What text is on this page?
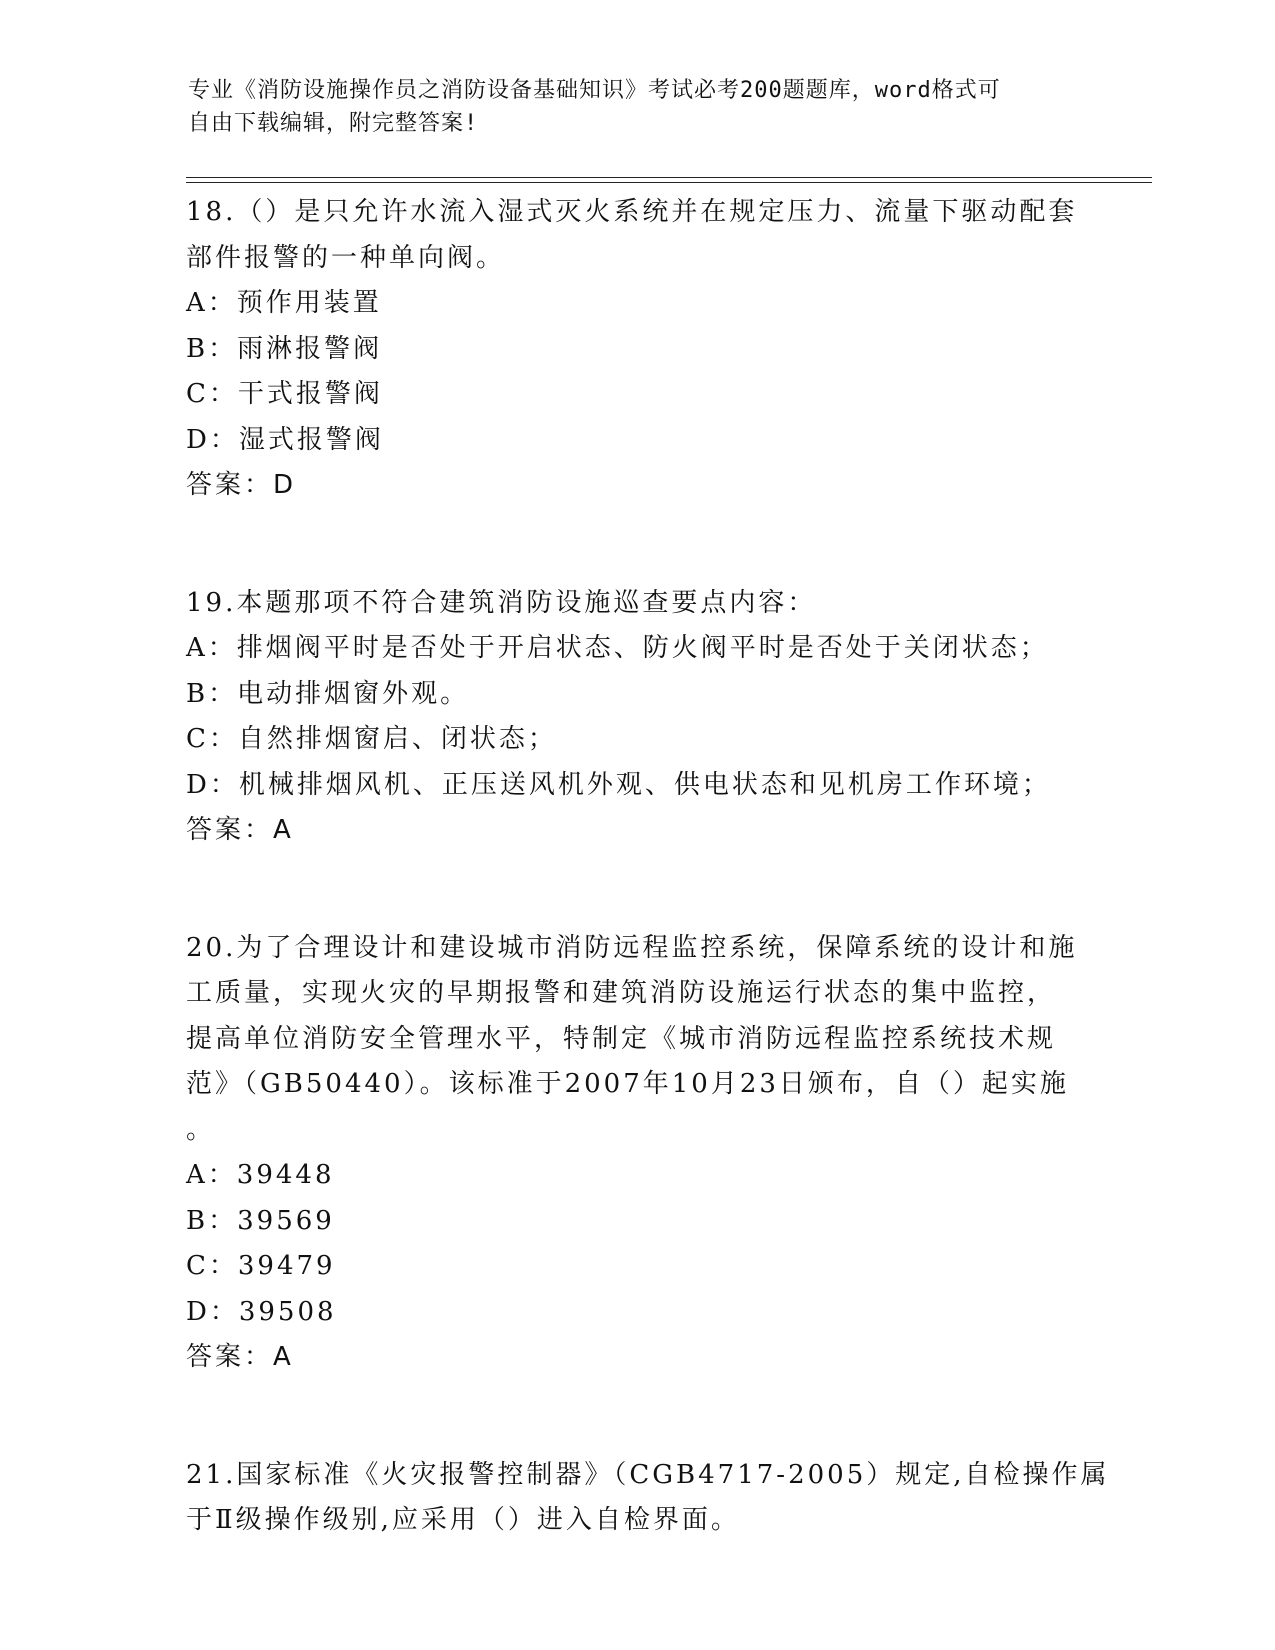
专业《消防设施操作员之消防设备基础知识》考试必考200题题库，word格式可
自由下载编辑，附完整答案!
18.（）是只允许水流入湿式灭火系统并在规定压力、流量下驱动配套
部件报警的一种单向阀。
A：预作用装置
B：雨淋报警阀
C：干式报警阀
D：湿式报警阀
答案：D
19.本题那项不符合建筑消防设施巡查要点内容：
A：排烟阀平时是否处于开启状态、防火阀平时是否处于关闭状态；
B：电动排烟窗外观。
C：自然排烟窗启、闭状态；
D：机械排烟风机、正压送风机外观、供电状态和见机房工作环境；
答案：A
20.为了合理设计和建设城市消防远程监控系统，保障系统的设计和施
工质量，实现火灾的早期报警和建筑消防设施运行状态的集中监控，
提高单位消防安全管理水平，特制定《城市消防远程监控系统技术规
范》（GB50440）。该标准于2007年10月23日颁布，自（）起实施
。
A：39448
B：39569
C：39479
D：39508
答案：A
21.国家标准《火灾报警控制器》（CGB4717-2005）规定,自检操作属
于Ⅱ级操作级别,应采用（）进入自检界面。
